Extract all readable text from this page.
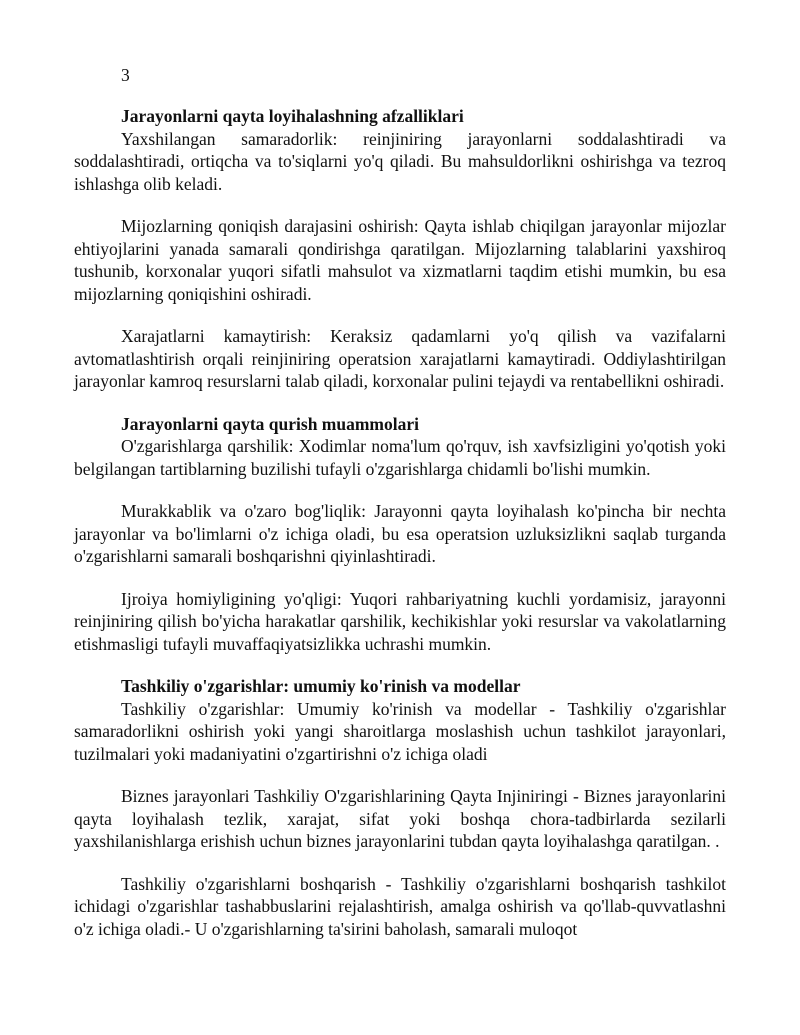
3

Jarayonlarni qayta loyihalashning afzalliklari

Yaxshilangan samaradorlik: reinjiniring jarayonlarni soddalashtiradi va soddalashtiradi, ortiqcha va to'siqlarni yo'q qiladi. Bu mahsuldorlikni oshirishga va tezroq ishlashga olib keladi.

Mijozlarning qoniqish darajasini oshirish: Qayta ishlab chiqilgan jarayonlar mijozlar ehtiyojlarini yanada samarali qondirishga qaratilgan. Mijozlarning talablarini yaxshiroq tushunib, korxonalar yuqori sifatli mahsulot va xizmatlarni taqdim etishi mumkin, bu esa mijozlarning qoniqishini oshiradi.

Xarajatlarni kamaytirish: Keraksiz qadamlarni yo'q qilish va vazifalarni avtomatlashtirish orqali reinjiniring operatsion xarajatlarni kamaytiradi. Oddiylashtirilgan jarayonlar kamroq resurslarni talab qiladi, korxonalar pulini tejaydi va rentabellikni oshiradi.

Jarayonlarni qayta qurish muammolari

O'zgarishlarga qarshilik: Xodimlar noma'lum qo'rquv, ish xavfsizligini yo'qotish yoki belgilangan tartiblarning buzilishi tufayli o'zgarishlarga chidamli bo'lishi mumkin.

Murakkablik va o'zaro bog'liqlik: Jarayonni qayta loyihalash ko'pincha bir nechta jarayonlar va bo'limlarni o'z ichiga oladi, bu esa operatsion uzluksizlikni saqlab turganda o'zgarishlarni samarali boshqarishni qiyinlashtiradi.

Ijroiya homiyligining yo'qligi: Yuqori rahbariyatning kuchli yordamisiz, jarayonni reinjiniring qilish bo'yicha harakatlar qarshilik, kechikishlar yoki resurslar va vakolatlarning etishmasligi tufayli muvaffaqiyatsizlikka uchrashi mumkin.

Tashkiliy o'zgarishlar: umumiy ko'rinish va modellar

Tashkiliy o'zgarishlar: Umumiy ko'rinish va modellar - Tashkiliy o'zgarishlar samaradorlikni oshirish yoki yangi sharoitlarga moslashish uchun tashkilot jarayonlari, tuzilmalari yoki madaniyatini o'zgartirishni o'z ichiga oladi

Biznes jarayonlari Tashkiliy O'zgarishlarining Qayta Injiniringi - Biznes jarayonlarini qayta loyihalash tezlik, xarajat, sifat yoki boshqa chora-tadbirlarda sezilarli yaxshilanishlarga erishish uchun biznes jarayonlarini tubdan qayta loyihalashga qaratilgan. .

Tashkiliy o'zgarishlarni boshqarish - Tashkiliy o'zgarishlarni boshqarish tashkilot ichidagi o'zgarishlar tashabbuslarini rejalashtirish, amalga oshirish va qo'llab-quvvatlashni o'z ichiga oladi.- U o'zgarishlarning ta'sirini baholash, samarali muloqot
